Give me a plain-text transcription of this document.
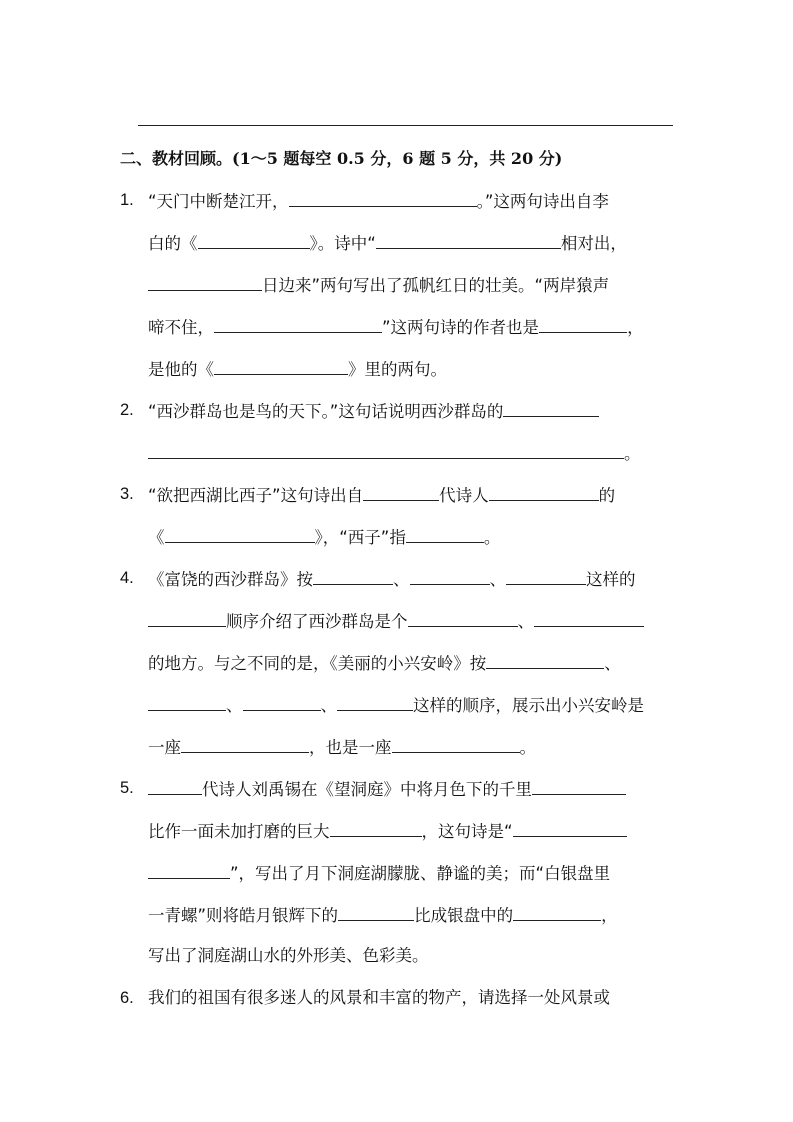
二、教材回顾。(1～5 题每空 0.5 分，6 题 5 分，共 20 分)
1. “天门中断楚江开，	。”这两句诗出自李
白的《	》。诗中“	相对出，
日边来”两句写出了孤帆红日的壮美。“两岸猿声
啼不住，	”这两句诗的作者也是	，
是他的《	》里的两句。
2. “西沙群岛也是鸟的天下。”这句话说明西沙群岛的
。
3. “欲把西湖比西子”这句诗出自	代诗人	的
《	》，“西子”指	。
4. 《富饶的西沙群岛》按	、	、	这样的
顺序介绍了西沙群岛是个	、
的地方。与之不同的是，《美丽的小兴安岭》按	、
、	、	这样的顺序，展示出小兴安岭是
一座	，也是一座	。
5.	代诗人刘禹锡在《望洞庭》中将月色下的千里
比作一面未加打磨的巨大	，这句诗是“
”，写出了月下洞庭湖朦胧、静谧的美；而“白银盘里
一青螺”则将皓月银辉下的	比成银盘中的	，
写出了洞庭湖山水的外形美、色彩美。
6. 我们的祖国有很多迷人的风景和丰富的物产，请选择一处风景或
